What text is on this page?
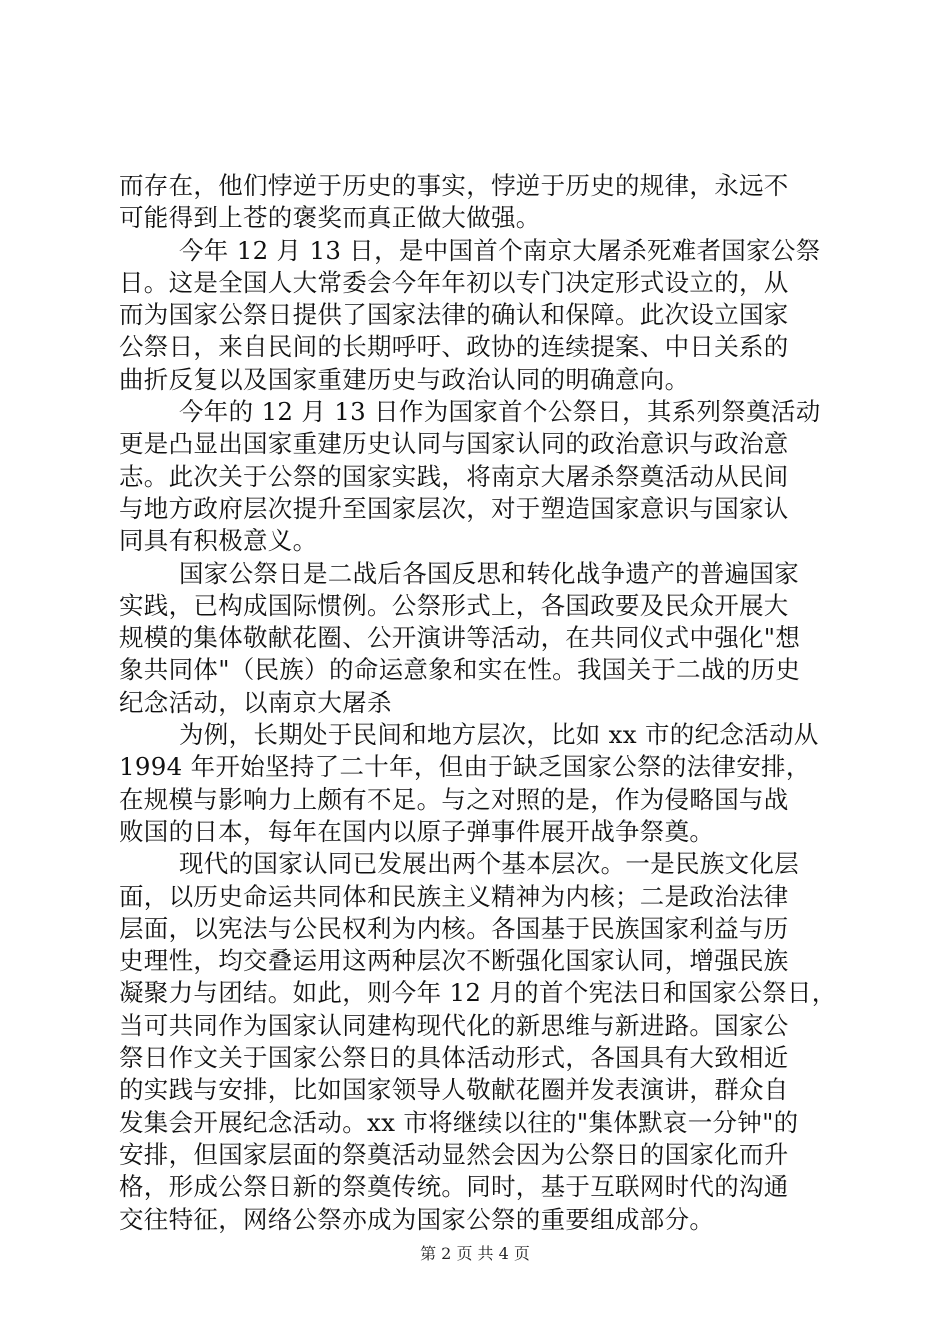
而存在，他们悖逆于历史的事实，悖逆于历史的规律，永远不
可能得到上苍的褒奖而真正做大做强。

今年 12 月 13 日，是中国首个南京大屠杀死难者国家公祭
日。这是全国人大常委会今年年初以专门决定形式设立的，从
而为国家公祭日提供了国家法律的确认和保障。此次设立国家
公祭日，来自民间的长期呼吁、政协的连续提案、中日关系的
曲折反复以及国家重建历史与政治认同的明确意向。

今年的 12 月 13 日作为国家首个公祭日，其系列祭奠活动
更是凸显出国家重建历史认同与国家认同的政治意识与政治意
志。此次关于公祭的国家实践，将南京大屠杀祭奠活动从民间
与地方政府层次提升至国家层次，对于塑造国家意识与国家认
同具有积极意义。

国家公祭日是二战后各国反思和转化战争遗产的普遍国家
实践，已构成国际惯例。公祭形式上，各国政要及民众开展大
规模的集体敬献花圈、公开演讲等活动，在共同仪式中强化"想
象共同体"（民族）的命运意象和实在性。我国关于二战的历史
纪念活动，以南京大屠杀

为例，长期处于民间和地方层次，比如 xx 市的纪念活动从
1994 年开始坚持了二十年，但由于缺乏国家公祭的法律安排，
在规模与影响力上颇有不足。与之对照的是，作为侵略国与战
败国的日本，每年在国内以原子弹事件展开战争祭奠。

现代的国家认同已发展出两个基本层次。一是民族文化层
面，以历史命运共同体和民族主义精神为内核；二是政治法律
层面，以宪法与公民权利为内核。各国基于民族国家利益与历
史理性，均交叠运用这两种层次不断强化国家认同，增强民族
凝聚力与团结。如此，则今年 12 月的首个宪法日和国家公祭日，
当可共同作为国家认同建构现代化的新思维与新进路。国家公
祭日作文关于国家公祭日的具体活动形式，各国具有大致相近
的实践与安排，比如国家领导人敬献花圈并发表演讲，群众自
发集会开展纪念活动。xx 市将继续以往的"集体默哀一分钟"的
安排，但国家层面的祭奠活动显然会因为公祭日的国家化而升
格，形成公祭日新的祭奠传统。同时，基于互联网时代的沟通
交往特征，网络公祭亦成为国家公祭的重要组成部分。

第 2 页 共 4 页
